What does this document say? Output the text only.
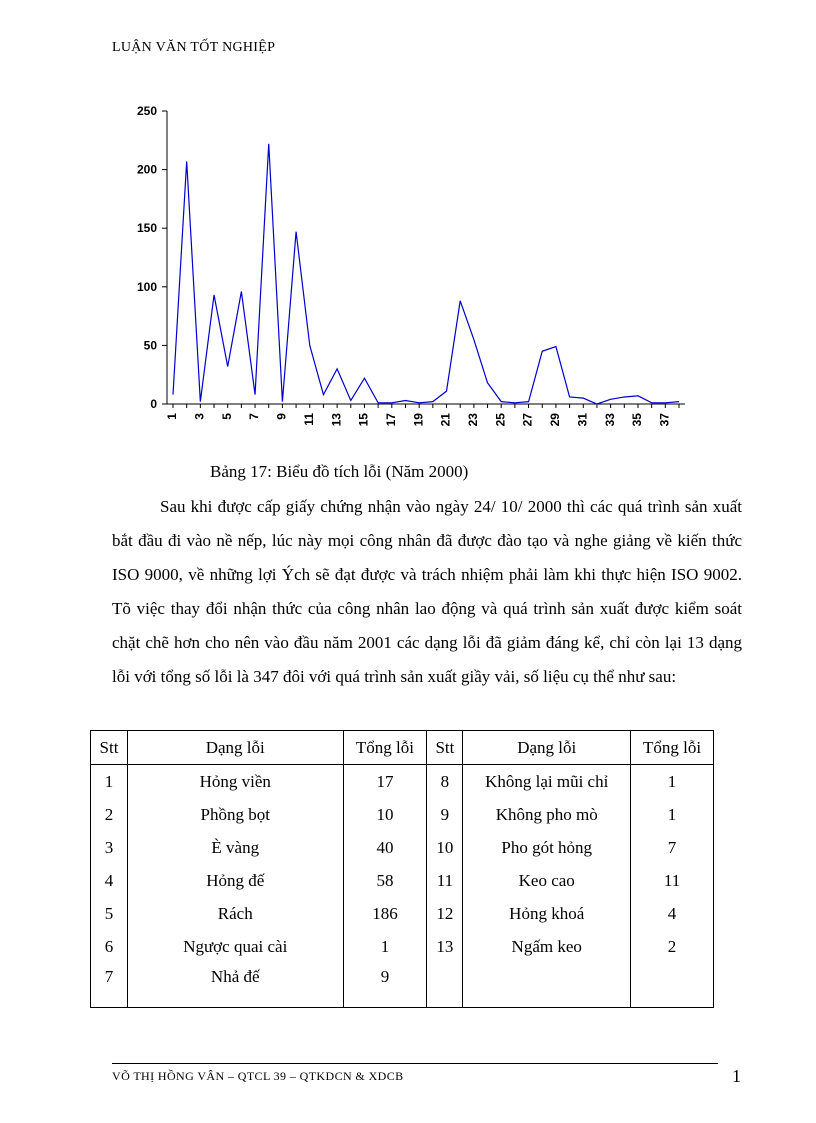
LUẬN VĂN TỐT NGHIỆP
0
50
100
150
200
250
1 3 5 7 9 11 13 15 17 19 21 23 25 27 29 31 33 35 37
Bảng 17: Biểu đồ tích lỗi (Năm 2000)

Sau khi được cấp giấy chứng nhận vào ngày 24/ 10/ 2000 thì các quá trình sản xuất bắt đầu đi vào nề nếp, lúc này mọi công nhân đã được đào tạo và nghe giảng về kiến thức ISO 9000, về những lợi Ých sẽ đạt được và trách nhiệm phải làm khi thực hiện ISO 9002. Tõ việc thay đổi nhận thức của công nhân lao động và quá trình sản xuất được kiểm soát chặt chẽ hơn cho nên vào đầu năm 2001 các dạng lỗi đã giảm đáng kể, chỉ còn lại 13 dạng lỗi với tổng số lỗi là 347 đôi với quá trình sản xuất giầy vải, số liệu cụ thể như sau:

Stt	Dạng lỗi	Tổng lỗi	Stt	Dạng lỗi	Tổng lỗi
1	Hỏng viền	17	8	Không lại mũi chỉ	1
2	Phồng bọt	10	9	Không pho mò	1
3	È vàng	40	10	Pho gót hỏng	7
4	Hỏng đế	58	11	Keo cao	11
5	Rách	186	12	Hỏng khoá	4
6	Ngược quai cài	1	13	Ngấm keo	2
7	Nhả đế	9			
VÕ THỊ HỒNG VÂN – QTCL 39 – QTKDCN & XDCB	1
